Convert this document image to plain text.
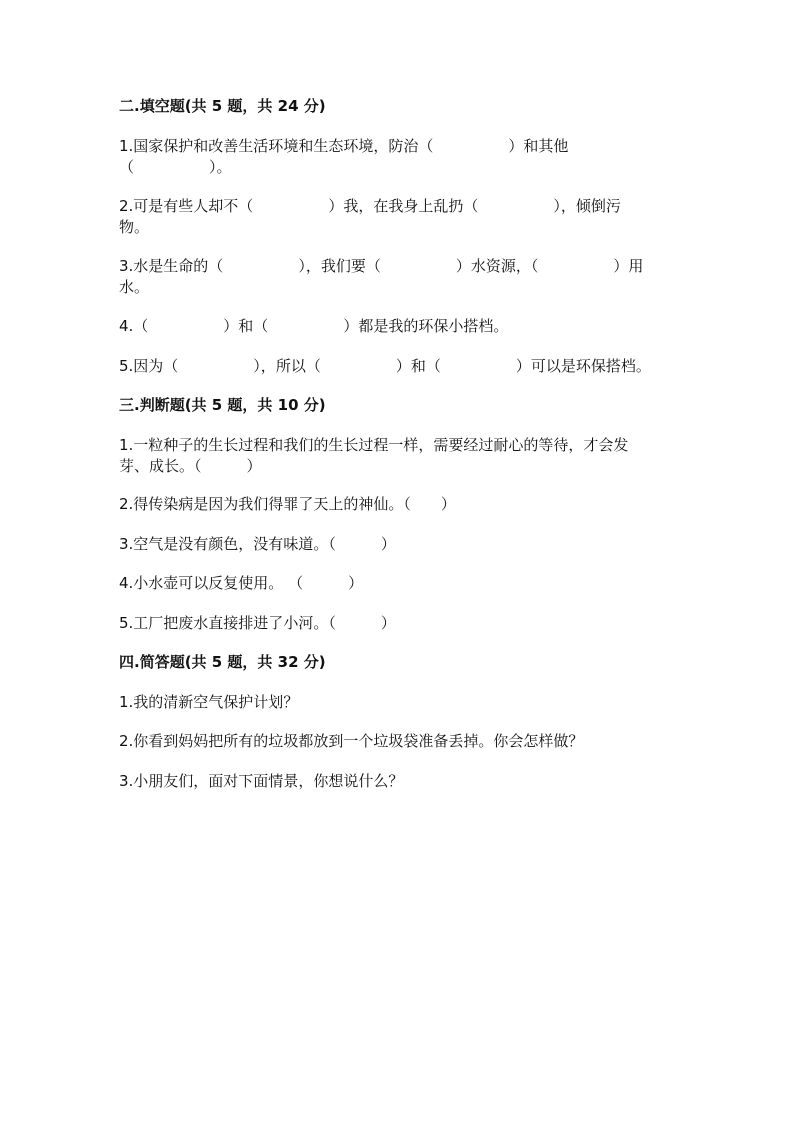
二.填空题(共 5 题，共 24 分)
1.国家保护和改善生活环境和生态环境，防治（　　　　　）和其他
（　　　　　）。
2.可是有些人却不（　　　　　）我，在我身上乱扔（　　　　　），倾倒污
物。
3.水是生命的（　　　　　），我们要（　　　　　）水资源，（　　　　　）用
水。
4.（　　　　　）和（　　　　　）都是我的环保小搭档。
5.因为（　　　　　），所以（　　　　　）和（　　　　　）可以是环保搭档。
三.判断题(共 5 题，共 10 分)
1.一粒种子的生长过程和我们的生长过程一样，需要经过耐心的等待，才会发
芽、成长。（　　　）
2.得传染病是因为我们得罪了天上的神仙。（　　）
3.空气是没有颜色，没有味道。（　　　）
4.小水壶可以反复使用。 （　　　）
5.工厂把废水直接排进了小河。（　　　）
四.简答题(共 5 题，共 32 分)
1.我的清新空气保护计划？
2.你看到妈妈把所有的垃圾都放到一个垃圾袋准备丢掉。你会怎样做？
3.小朋友们，面对下面情景，你想说什么？
